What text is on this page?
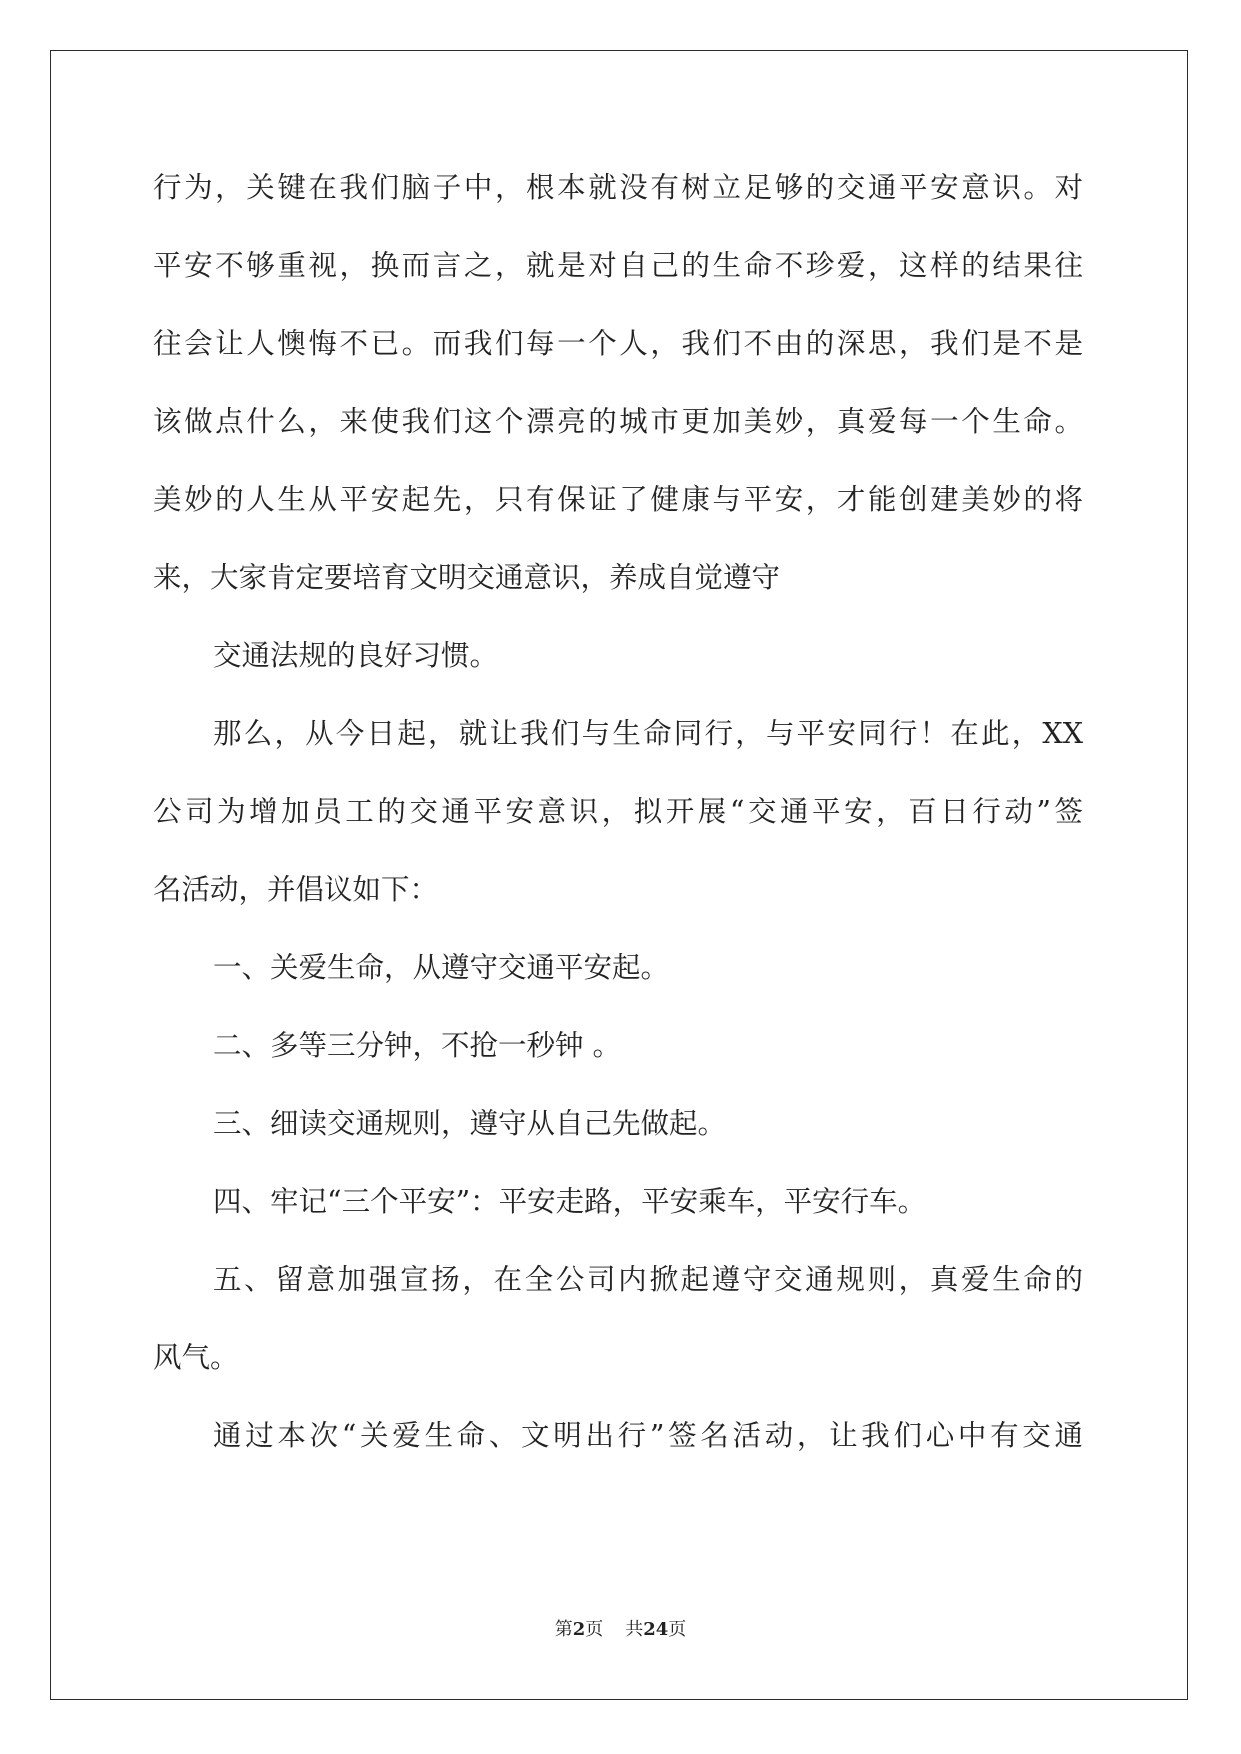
行为，关键在我们脑子中，根本就没有树立足够的交通平安意识。对

平安不够重视，换而言之，就是对自己的生命不珍爱，这样的结果往

往会让人懊悔不已。而我们每一个人，我们不由的深思，我们是不是

该做点什么，来使我们这个漂亮的城市更加美妙，真爱每一个生命。

美妙的人生从平安起先，只有保证了健康与平安，才能创建美妙的将

来，大家肯定要培育文明交通意识，养成自觉遵守

交通法规的良好习惯。

那么，从今日起，就让我们与生命同行，与平安同行！在此，XX

公司为增加员工的交通平安意识，拟开展“交通平安，百日行动”签

名活动，并倡议如下：

一、关爱生命，从遵守交通平安起。

二、多等三分钟，不抢一秒钟 。

三、细读交通规则，遵守从自己先做起。

四、牢记“三个平安”：平安走路，平安乘车，平安行车。

五、留意加强宣扬，在全公司内掀起遵守交通规则，真爱生命的

风气。

通过本次“关爱生命、文明出行”签名活动，让我们心中有交通

第2页 共24页
